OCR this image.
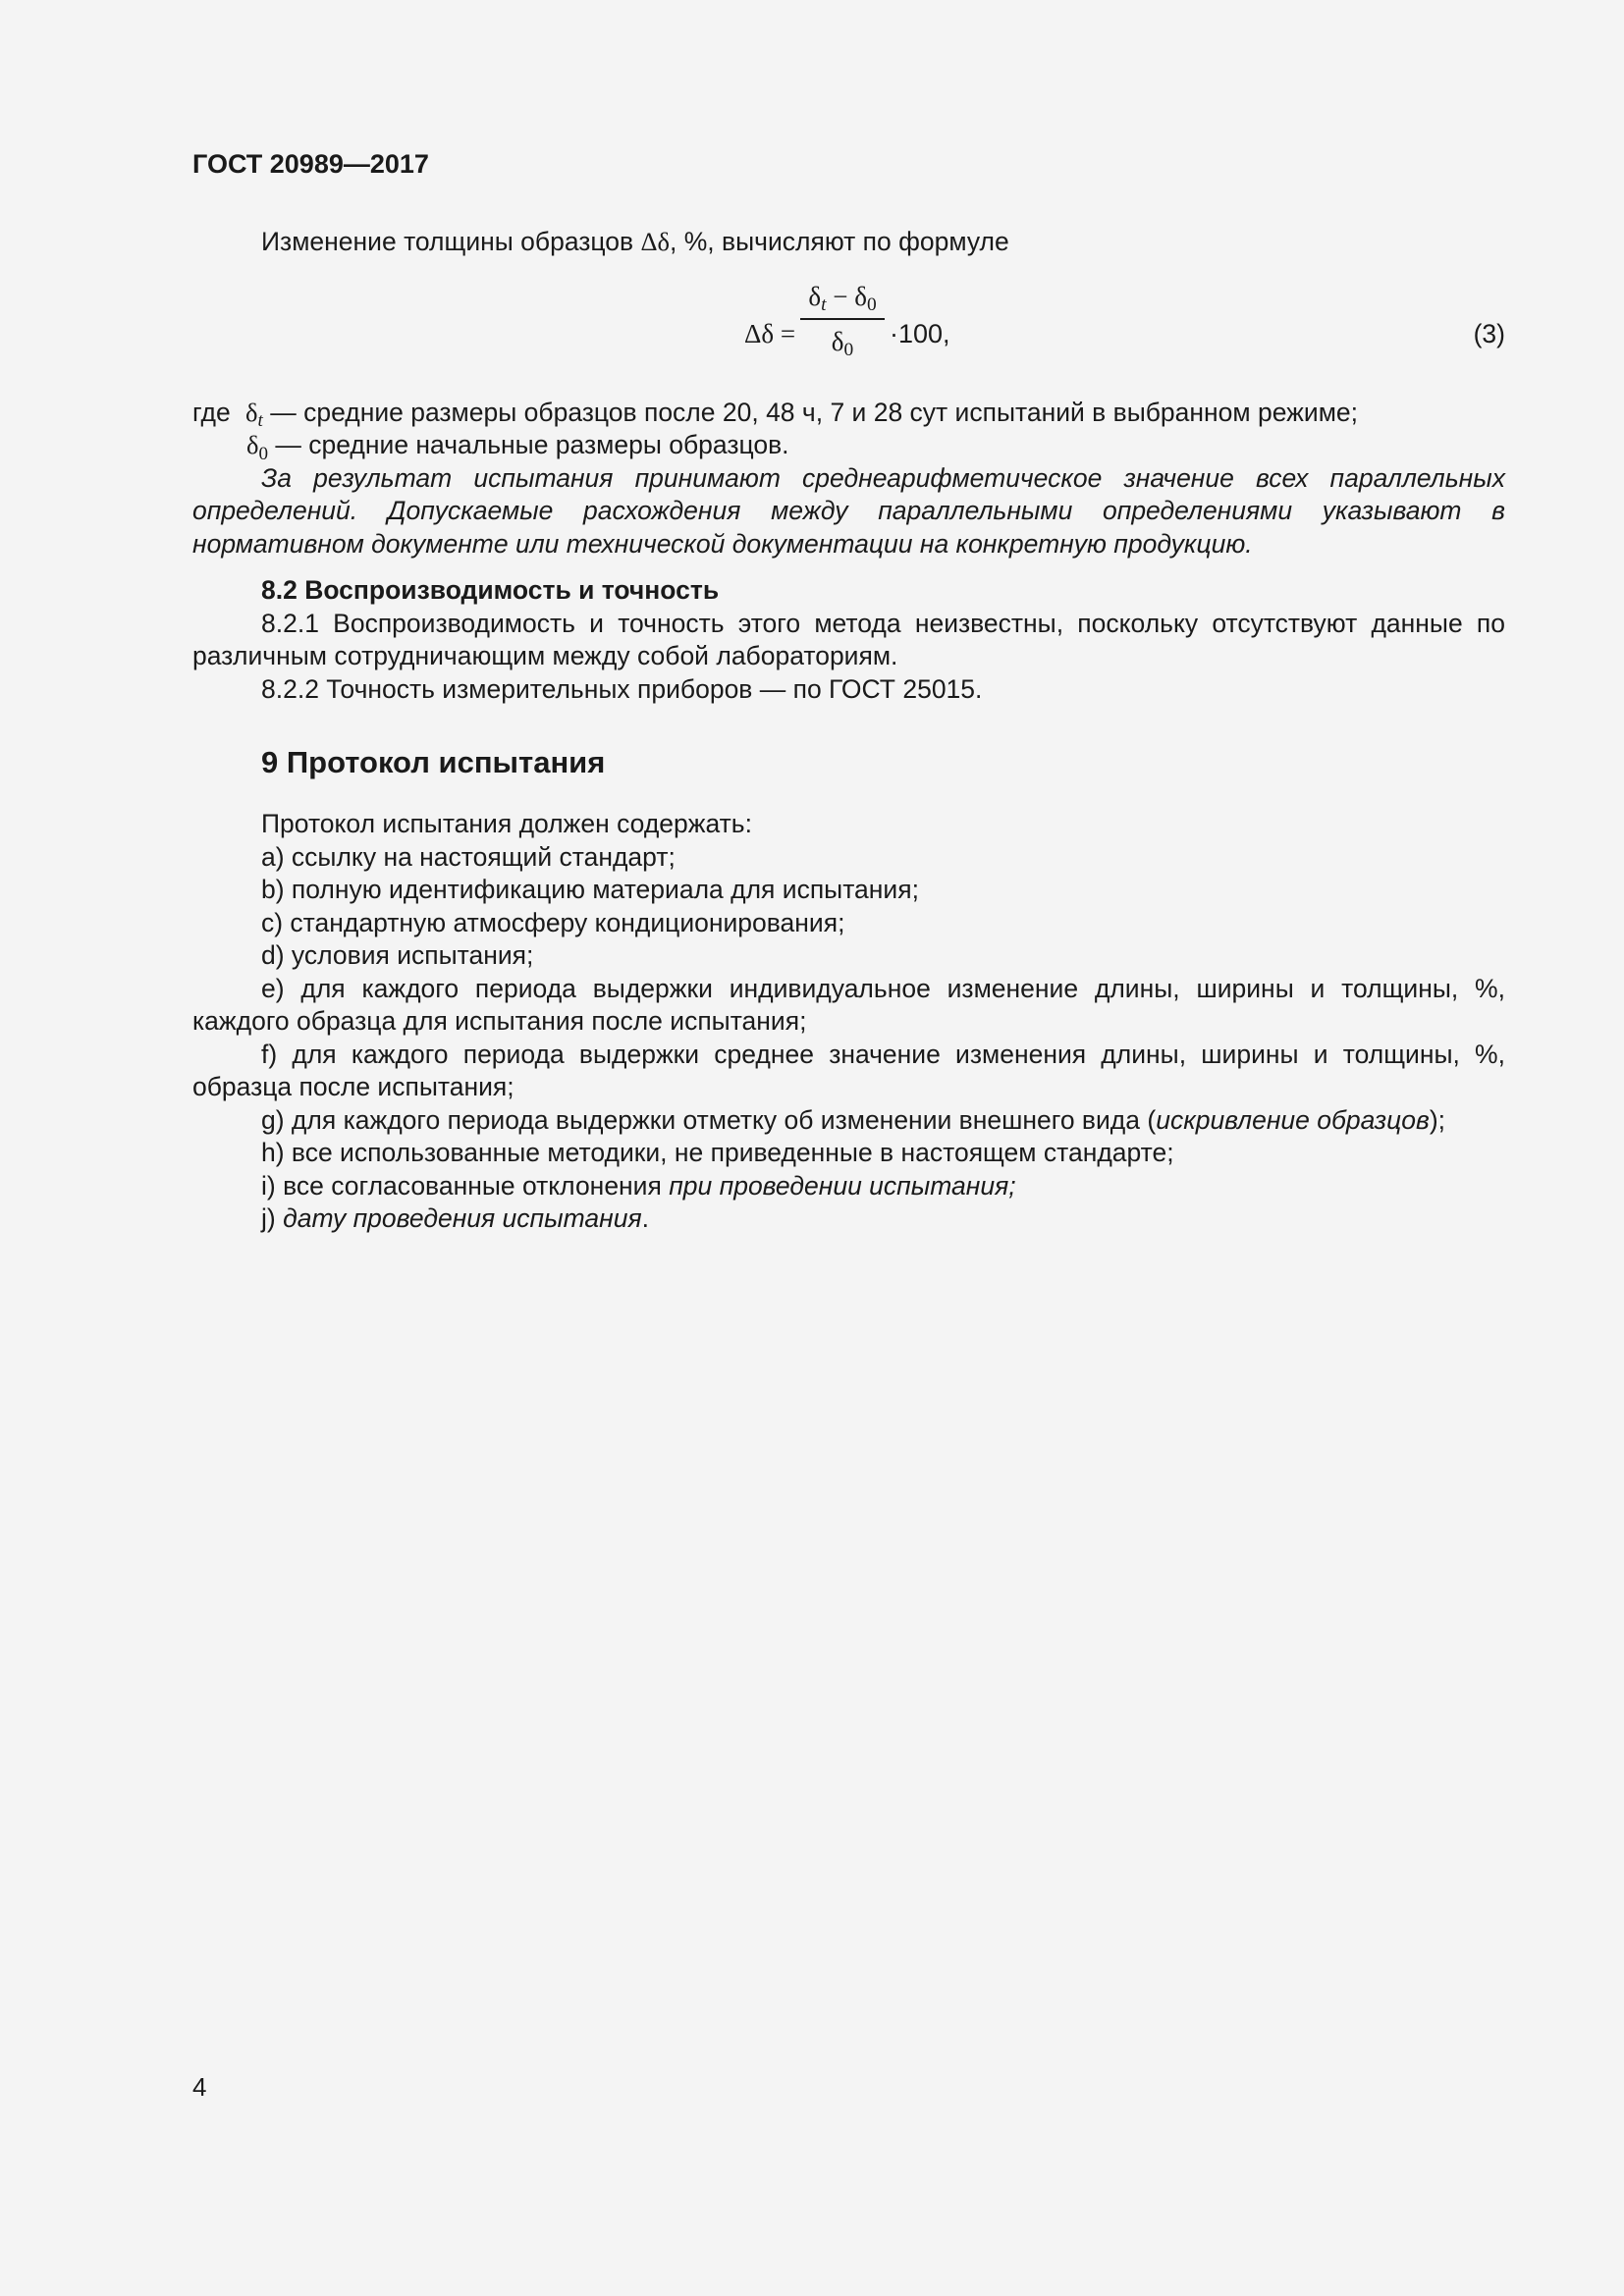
ГОСТ 20989—2017

Изменение толщины образцов Δδ, %, вычисляют по формуле

Δδ =
$\delta_t - \delta_0$
$\delta_0$
·100,	(3)

где $\delta_t$ — средние размеры образцов после 20, 48 ч, 7 и 28 сут испытаний в выбранном режиме;

$\delta_0$ — средние начальные размеры образцов.

За результат испытания принимают среднеарифметическое значение всех параллельных определений. Допускаемые расхождения между параллельными определениями указывают в нормативном документе или технической документации на конкретную продукцию.

8.2 Воспроизводимость и точность

8.2.1 Воспроизводимость и точность этого метода неизвестны, поскольку отсутствуют данные по различным сотрудничающим между собой лабораториям.

8.2.2 Точность измерительных приборов — по ГОСТ 25015.

9 Протокол испытания

Протокол испытания должен содержать:

a) ссылку на настоящий стандарт;

b) полную идентификацию материала для испытания;

c) стандартную атмосферу кондиционирования;

d) условия испытания;

e) для каждого периода выдержки индивидуальное изменение длины, ширины и толщины, %, каждого образца для испытания после испытания;

f) для каждого периода выдержки среднее значение изменения длины, ширины и толщины, %, образца после испытания;

g) для каждого периода выдержки отметку об изменении внешнего вида (искривление образцов);

h) все использованные методики, не приведенные в настоящем стандарте;

i) все согласованные отклонения при проведении испытания;

j) дату проведения испытания.

4
